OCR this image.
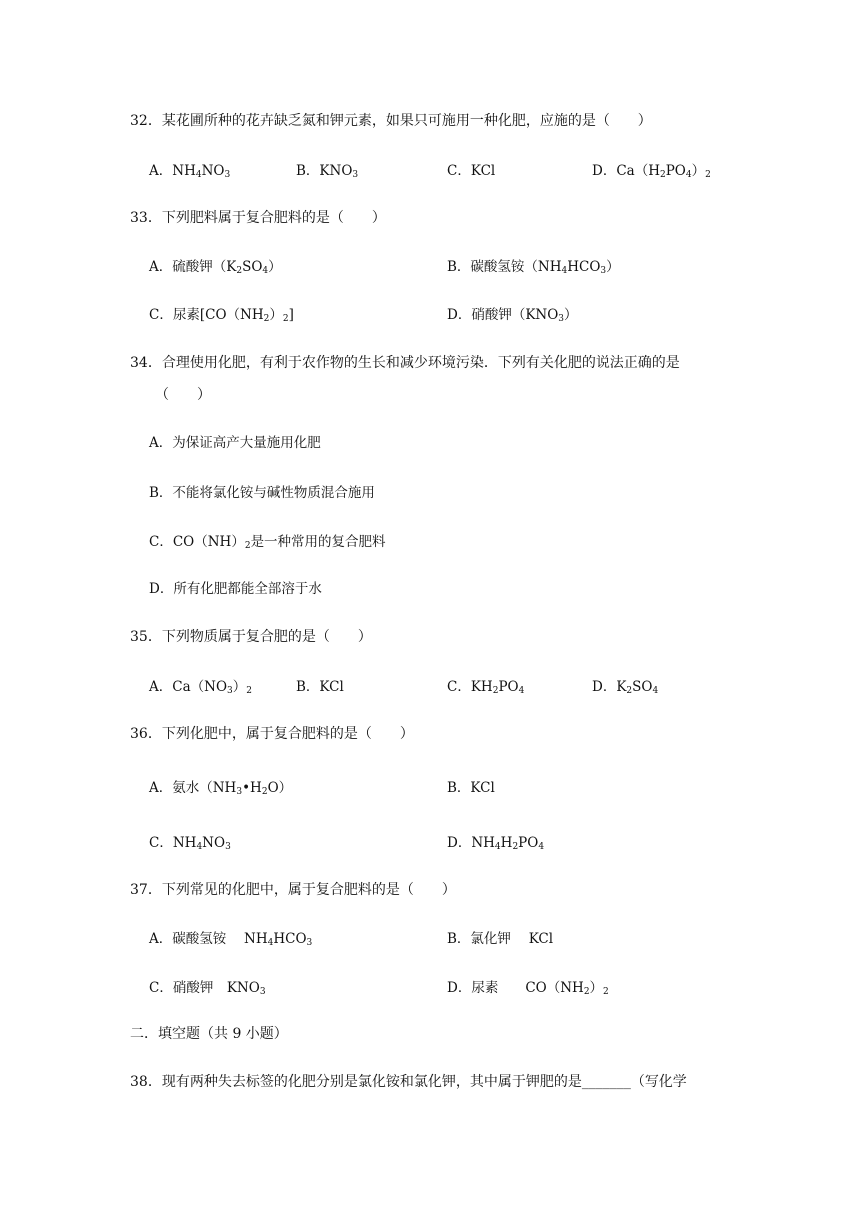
32．某花圃所种的花卉缺乏氮和钾元素，如果只可施用一种化肥，应施的是（　　）
A．$NH_4NO_3$	B．$KNO_3$	C．KCl	D．$Ca(H_2PO_4)_2$
33．下列肥料属于复合肥料的是（　　）
A．硫酸钾$(K_2SO_4)$	B．碳酸氢铵$(NH_4HCO_3)$
C．尿素$[CO(NH_2)_2]$	D．硝酸钾$(KNO_3)$
34．合理使用化肥，有利于农作物的生长和减少环境污染．下列有关化肥的说法正确的是
（　　）
A．为保证高产大量施用化肥
B．不能将氯化铵与碱性物质混合施用
C．$CO(NH)_2$是一种常用的复合肥料
D．所有化肥都能全部溶于水
35．下列物质属于复合肥的是（　　）
A．$Ca(NO_3)_2$	B．KCl	C．$KH_2PO_4$	D．$K_2SO_4$
36．下列化肥中，属于复合肥料的是（　　）
A．氨水$(NH_3•H_2O)$	B．KCl
C．$NH_4NO_3$	D．$NH_4H_2PO_4$
37．下列常见的化肥中，属于复合肥料的是（　　）
A．碳酸氢铵　 $NH_4HCO_3$	B．氯化钾　 KCl
C．硝酸钾　$KNO_3$	D．尿素　　$CO(NH_2)_2$
二．填空题（共 9 小题）
38．现有两种失去标签的化肥分别是氯化铵和氯化钾，其中属于钾肥的是_______（写化学
